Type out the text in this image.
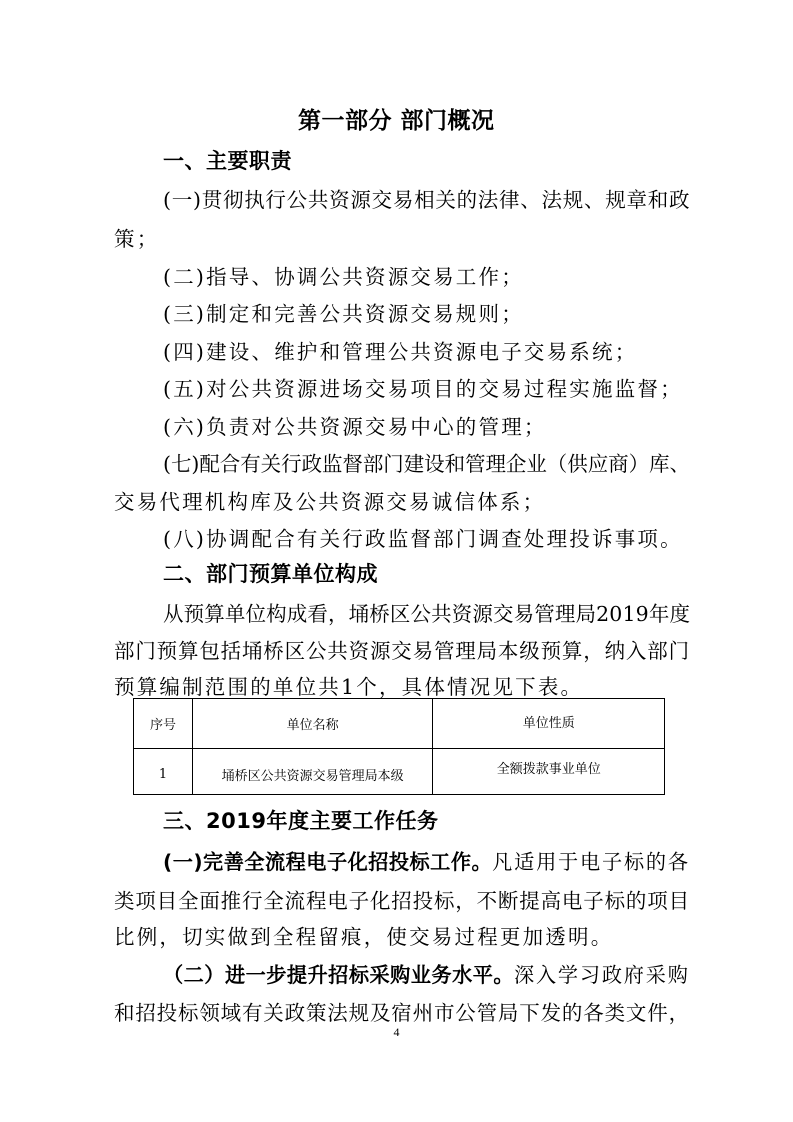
第一部分 部门概况
一、主要职责
(一)贯彻执行公共资源交易相关的法律、法规、规章和政
策；
(二)指导、协调公共资源交易工作；
(三)制定和完善公共资源交易规则；
(四)建设、维护和管理公共资源电子交易系统；
(五)对公共资源进场交易项目的交易过程实施监督；
(六)负责对公共资源交易中心的管理；
(七)配合有关行政监督部门建设和管理企业（供应商）库、
交易代理机构库及公共资源交易诚信体系；
(八)协调配合有关行政监督部门调查处理投诉事项。
二、部门预算单位构成
从预算单位构成看，埇桥区公共资源交易管理局2019年度
部门预算包括埇桥区公共资源交易管理局本级预算，纳入部门
预算编制范围的单位共1个，具体情况见下表。
序号	单位名称	单位性质
1	埇桥区公共资源交易管理局本级	全额拨款事业单位
三、2019年度主要工作任务
(一)完善全流程电子化招投标工作。凡适用于电子标的各
类项目全面推行全流程电子化招投标，不断提高电子标的项目
比例，切实做到全程留痕，使交易过程更加透明。
（二）进一步提升招标采购业务水平。深入学习政府采购
和招投标领域有关政策法规及宿州市公管局下发的各类文件，
4
